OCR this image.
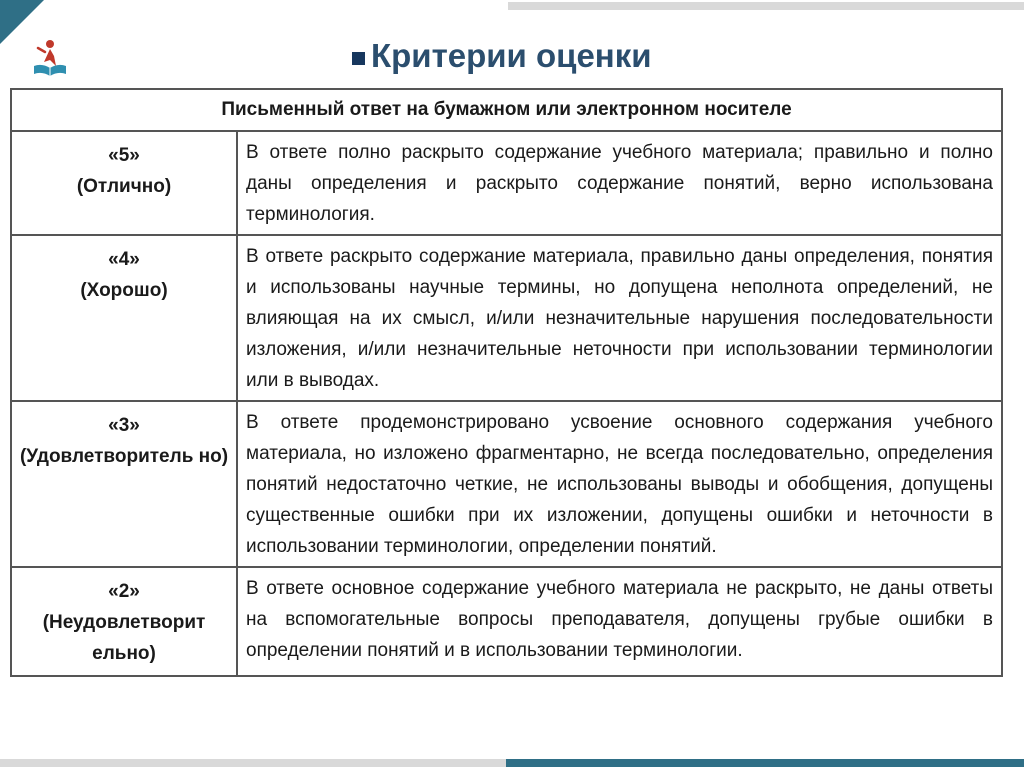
Критерии оценки
Письменный ответ на бумажном или электронном носителе	

«5»
(Отлично)	В ответе полно раскрыто содержание учебного материала; правильно и полно даны определения и раскрыто содержание понятий, верно использована терминология.

«4»
(Хорошо)	В ответе раскрыто содержание материала, правильно даны определения, понятия и использованы научные термины, но допущена неполнота определений, не влияющая на их смысл, и/или незначительные нарушения последовательности изложения, и/или незначительные неточности при использовании терминологии или в выводах.

«3»
(Удовлетворитель но)	В ответе продемонстрировано усвоение основного содержания учебного материала, но изложено фрагментарно, не всегда последовательно, определения понятий недостаточно четкие, не использованы выводы и обобщения, допущены существенные ошибки при их изложении, допущены ошибки и неточности в использовании терминологии, определении понятий.

«2»
(Неудовлетворит ельно)	В ответе основное содержание учебного материала не раскрыто, не даны ответы на вспомогательные вопросы преподавателя, допущены грубые ошибки в определении понятий и в использовании терминологии.
